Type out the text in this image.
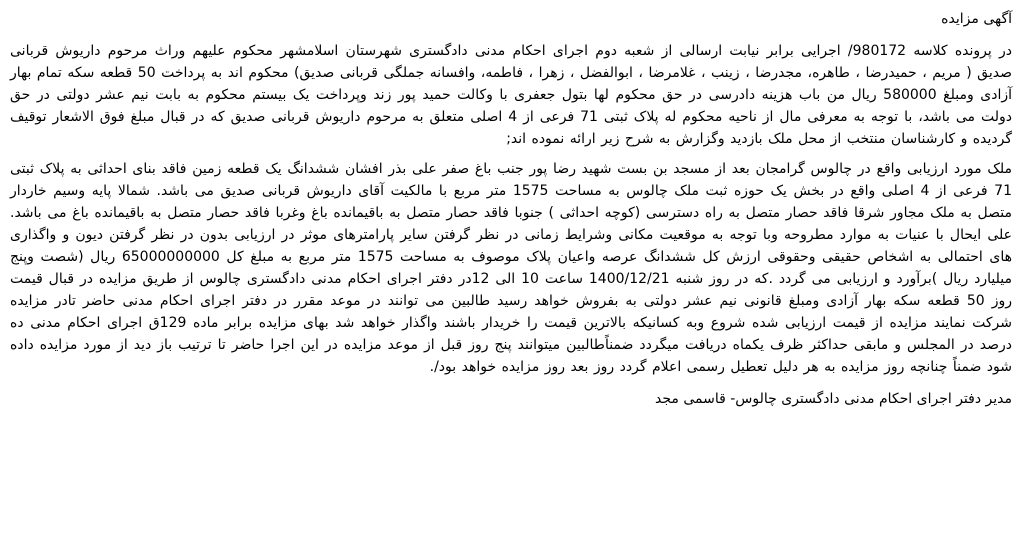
آگهی مزایده

در پرونده کلاسه 980172/ اجرایی برابر نیابت ارسالی از شعبه دوم اجرای احکام مدنی دادگستری شهرستان اسلامشهر محکوم علیهم وراث مرحوم داریوش قربانی صدیق ( مریم ، حمیدرضا ، طاهره، مجدرضا ، زینب ، غلامرضا ، ابوالفضل ، زهرا ، فاطمه، وافسانه جملگی قربانی صدیق) محکوم اند به پرداخت 50 قطعه سکه تمام بهار آزادی ومبلغ 580000 ریال من باب هزینه دادرسی در حق محکوم لها بتول جعفری با وکالت حمید پور زند وپرداخت یک بیستم محکوم به بابت نیم عشر دولتی در حق دولت می باشد، با توجه به معرفی مال از ناحیه محکوم له پلاک ثبتی 71 فرعی از 4 اصلی متعلق به مرحوم داریوش قربانی صدیق که در قبال مبلغ فوق الاشعار توقیف گردیده و کارشناسان منتخب از محل ملک بازدید وگزارش به شرح زیر ارائه نموده اند;

ملک مورد ارزیابی واقع در چالوس گرامجان بعد از مسجد بن بست شهید رضا پور جنب باغ صفر علی بذر افشان ششدانگ یک قطعه زمین فاقد بنای احداثی به پلاک ثبتی 71 فرعی از 4 اصلی واقع در بخش یک حوزه ثبت ملک چالوس به مساحت 1575 متر مربع با مالکیت آقای داریوش قربانی صدیق می باشد. شمالا پایه وسیم خاردار متصل به ملک مجاور شرقا فاقد حصار متصل به راه دسترسی (کوچه احداثی ) جنوبا فاقد حصار متصل به باقیمانده باغ وغربا فاقد حصار متصل به باقیمانده باغ می باشد. علی ایحال با عنیات به موارد مطروحه وبا توجه به موقعیت مکانی وشرایط زمانی در نظر گرفتن سایر پارامترهای موثر در ارزیابی بدون در نظر گرفتن دیون و واگذاری های احتمالی به اشخاص حقیقی وحقوقی ارزش کل ششدانگ عرصه واعیان پلاک موصوف به مساحت 1575 متر مربع به مبلغ کل 65000000000 ریال (شصت وپنج میلیارد ریال )برآورد و ارزیابی می گردد .که در روز شنبه 1400/12/21 ساعت 10 الی 12در دفتر اجرای احکام مدنی دادگستری چالوس از طریق مزایده در قبال قیمت روز 50 قطعه سکه بهار آزادی ومبلغ قانونی نیم عشر دولتی به بفروش خواهد رسید طالبین می توانند در موعد مقرر در دفتر اجرای احکام مدنی حاضر تادر مزایده شرکت نمایند مزایده از قیمت ارزیابی شده شروع وبه کسانیکه بالاترین قیمت را خریدار باشند واگذار خواهد شد بهای مزایده برابر ماده 129ق اجرای احکام مدنی ده درصد در المجلس و مابقی حداکثر ظرف یکماه دریافت میگردد ضمناًطالبین میتوانند پنج روز قبل از موعد مزایده در این اجرا حاضر تا ترتیب باز دید از مورد مزایده داده شود ضمناً چنانچه روز مزایده به هر دلیل تعطیل رسمی اعلام گردد روز بعد روز مزایده خواهد بود/.

مدیر دفتر اجرای احکام مدنی دادگستری چالوس- قاسمی مجد
